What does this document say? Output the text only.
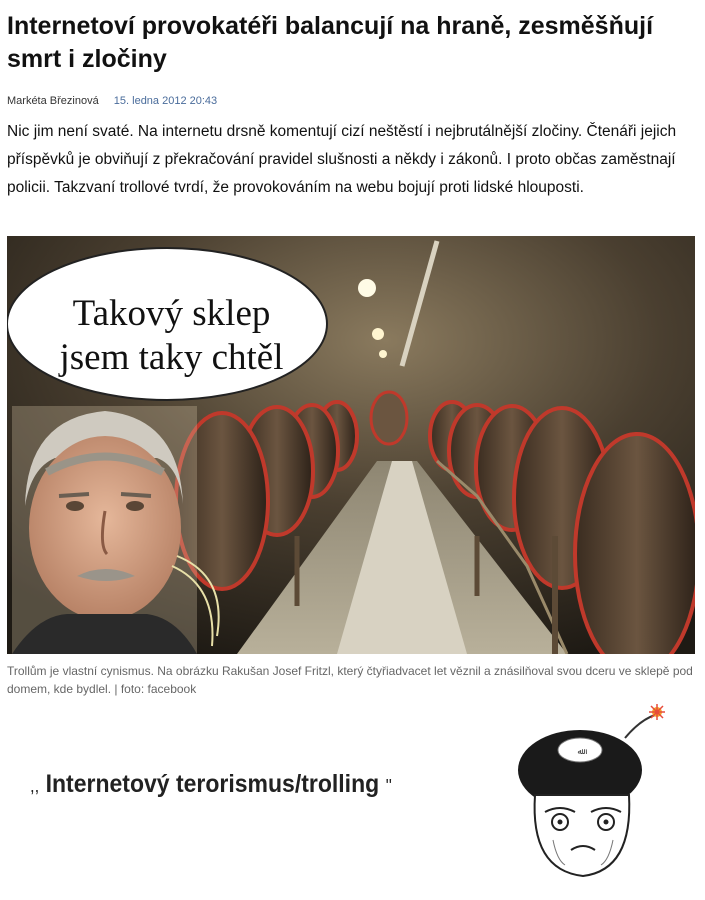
Internetoví provokatéři balancují na hraně, zesměšňují smrt i zločiny
Markéta Březinová 15. ledna 2012 20:43

Nic jim není svaté. Na internetu drsně komentují cizí neštěstí i nejbrutálnější zločiny. Čtenáři jejich příspěvků je obviňují z překračování pravidel slušnosti a někdy i zákonů. I proto občas zaměstnají policii. Takzvaní trollové tvrdí, že provokováním na webu bojují proti lidské hlouposti.

Takový sklep
jsem taky chtěl
Trollům je vlastní cynismus. Na obrázku Rakušan Josef Fritzl, který čtyřiadvacet let věznil a znásilňoval svou dceru ve sklepě pod domem, kde bydlel. | foto: facebook
,, Internetový terorismus/trolling ''
ﷲ
